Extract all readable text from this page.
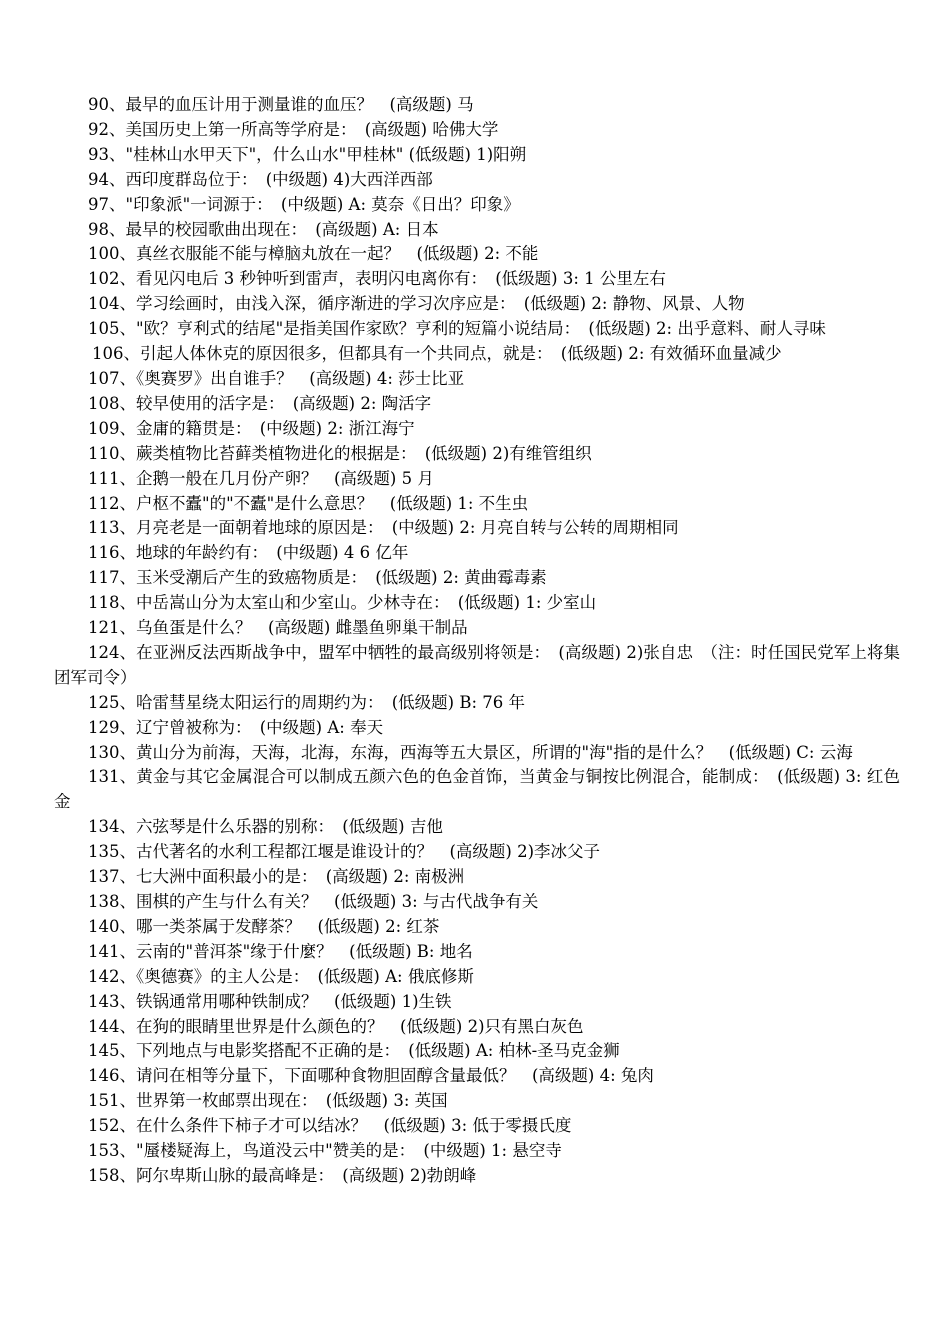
90、最早的血压计用于测量谁的血压？　(高级题) 马

92、美国历史上第一所高等学府是：　(高级题) 哈佛大学

93、"桂林山水甲天下"，什么山水"甲桂林" (低级题) 1)阳朔

94、西印度群岛位于：　(中级题) 4)大西洋西部

97、"印象派"一词源于：　(中级题) A: 莫奈《日出？印象》

98、最早的校园歌曲出现在：　(高级题) A: 日本

100、真丝衣服能不能与樟脑丸放在一起？　(低级题) 2: 不能

102、看见闪电后 3 秒钟听到雷声，表明闪电离你有：　(低级题) 3: 1 公里左右

104、学习绘画时，由浅入深，循序渐进的学习次序应是：　(低级题) 2: 静物、风景、人物

105、"欧？亨利式的结尾"是指美国作家欧？亨利的短篇小说结局：　(低级题) 2: 出乎意料、耐人寻味

106、引起人体休克的原因很多，但都具有一个共同点，就是：　(低级题) 2: 有效循环血量减少

107、《奥赛罗》出自谁手？　(高级题) 4: 莎士比亚

108、较早使用的活字是：　(高级题) 2: 陶活字

109、金庸的籍贯是：　(中级题) 2: 浙江海宁

110、蕨类植物比苔藓类植物进化的根据是：　(低级题) 2)有维管组织

111、企鹅一般在几月份产卵？　(高级题) 5 月

112、户枢不蠹"的"不蠹"是什么意思？　(低级题) 1: 不生虫

113、月亮老是一面朝着地球的原因是：　(中级题) 2: 月亮自转与公转的周期相同

116、地球的年龄约有：　(中级题) 4 6 亿年

117、玉米受潮后产生的致癌物质是：　(低级题) 2: 黄曲霉毒素

118、中岳嵩山分为太室山和少室山。少林寺在：　(低级题) 1: 少室山

121、乌鱼蛋是什么？　(高级题) 雌墨鱼卵巢干制品

124、在亚洲反法西斯战争中，盟军中牺牲的最高级别将领是：　(高级题) 2)张自忠　（注：时任国民党军上将集团军司令）

125、哈雷彗星绕太阳运行的周期约为：　(低级题) B: 76 年

129、辽宁曾被称为：　(中级题) A: 奉天

130、黄山分为前海，天海，北海，东海，西海等五大景区，所谓的"海"指的是什么？　(低级题) C: 云海

131、黄金与其它金属混合可以制成五颜六色的色金首饰，当黄金与铜按比例混合，能制成：　(低级题) 3: 红色金

134、六弦琴是什么乐器的别称：　(低级题) 吉他

135、古代著名的水利工程都江堰是谁设计的？　(高级题) 2)李冰父子

137、七大洲中面积最小的是：　(高级题) 2: 南极洲

138、围棋的产生与什么有关？　(低级题) 3: 与古代战争有关

140、哪一类茶属于发酵茶？　(低级题) 2: 红茶

141、云南的"普洱茶"缘于什麼？　(低级题) B: 地名

142、《奥德赛》的主人公是：　(低级题) A: 俄底修斯

143、铁锅通常用哪种铁制成？　(低级题) 1)生铁

144、在狗的眼睛里世界是什么颜色的？　(低级题) 2)只有黑白灰色

145、下列地点与电影奖搭配不正确的是：　(低级题) A: 柏林-圣马克金狮

146、请问在相等分量下，下面哪种食物胆固醇含量最低？　(高级题) 4: 兔肉

151、世界第一枚邮票出现在：　(低级题) 3: 英国

152、在什么条件下柿子才可以结冰？　(低级题) 3: 低于零摄氏度

153、"蜃楼疑海上，鸟道没云中"赞美的是：　(中级题) 1: 悬空寺

158、阿尔卑斯山脉的最高峰是：　(高级题) 2)勃朗峰
